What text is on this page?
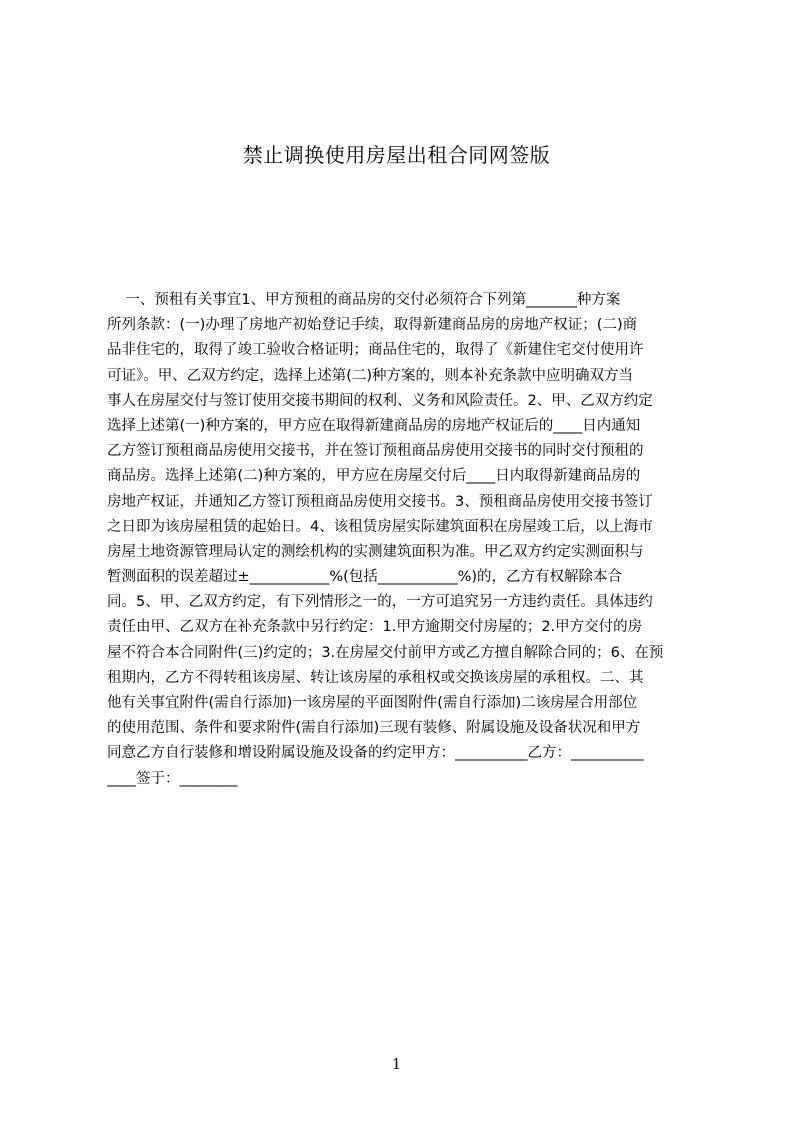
禁止调换使用房屋出租合同网签版
一、预租有关事宜1、甲方预租的商品房的交付必须符合下列第_______种方案
所列条款：(一)办理了房地产初始登记手续，取得新建商品房的房地产权证；(二)商
品非住宅的，取得了竣工验收合格证明；商品住宅的，取得了《新建住宅交付使用许
可证》。甲、乙双方约定，选择上述第(二)种方案的，则本补充条款中应明确双方当
事人在房屋交付与签订使用交接书期间的权利、义务和风险责任。2、甲、乙双方约定
选择上述第(一)种方案的，甲方应在取得新建商品房的房地产权证后的____日内通知
乙方签订预租商品房使用交接书，并在签订预租商品房使用交接书的同时交付预租的
商品房。选择上述第(二)种方案的，甲方应在房屋交付后____日内取得新建商品房的
房地产权证，并通知乙方签订预租商品房使用交接书。3、预租商品房使用交接书签订
之日即为该房屋租赁的起始日。4、该租赁房屋实际建筑面积在房屋竣工后，以上海市
房屋土地资源管理局认定的测绘机构的实测建筑面积为准。甲乙双方约定实测面积与
暂测面积的误差超过±___________%(包括___________%)的，乙方有权解除本合
同。5、甲、乙双方约定，有下列情形之一的，一方可追究另一方违约责任。具体违约
责任由甲、乙双方在补充条款中另行约定：1.甲方逾期交付房屋的；2.甲方交付的房
屋不符合本合同附件(三)约定的；3.在房屋交付前甲方或乙方擅自解除合同的；6、在预
租期内，乙方不得转租该房屋、转让该房屋的承租权或交换该房屋的承租权。二、其
他有关事宜附件(需自行添加)一该房屋的平面图附件(需自行添加)二该房屋合用部位
的使用范围、条件和要求附件(需自行添加)三现有装修、附属设施及设备状况和甲方
同意乙方自行装修和增设附属设施及设备的约定甲方：__________乙方：__________
____签于：________
1
